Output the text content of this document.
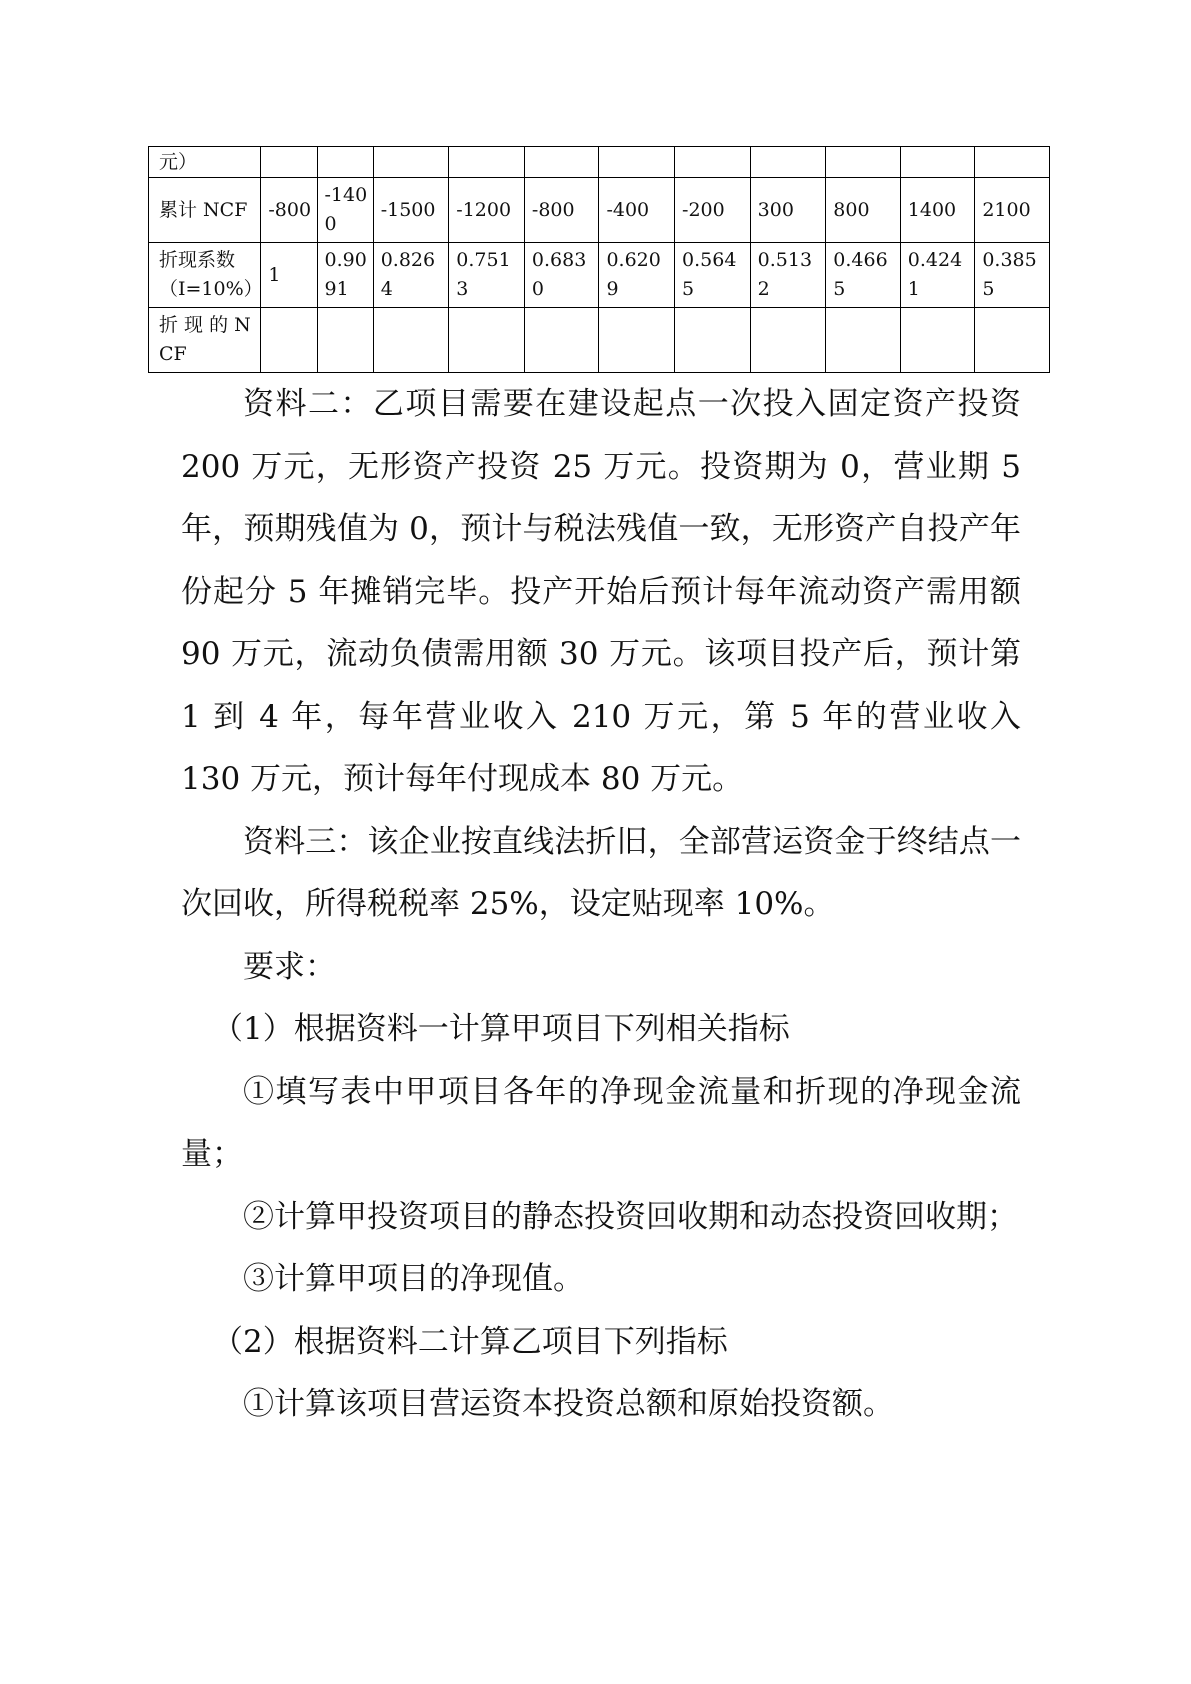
元）											
累计 NCF	-800	-1400	-1500	-1200	-800	-400	-200	300	800	1400	2100
折现系数（I=10%）	1	0.9091	0.8264	0.7513	0.6830	0.6209	0.5645	0.5132	0.4665	0.4241	0.3855
折 现 的 NCF											

资料二：乙项目需要在建设起点一次投入固定资产投资 200 万元，无形资产投资 25 万元。投资期为 0，营业期 5 年，预期残值为 0，预计与税法残值一致，无形资产自投产年份起分 5 年摊销完毕。投产开始后预计每年流动资产需用额 90 万元，流动负债需用额 30 万元。该项目投产后，预计第 1 到 4 年，每年营业收入 210 万元，第 5 年的营业收入 130 万元，预计每年付现成本 80 万元。

资料三：该企业按直线法折旧，全部营运资金于终结点一次回收，所得税税率 25%，设定贴现率 10%。

要求：

（1）根据资料一计算甲项目下列相关指标

①填写表中甲项目各年的净现金流量和折现的净现金流量；

②计算甲投资项目的静态投资回收期和动态投资回收期；

③计算甲项目的净现值。

（2）根据资料二计算乙项目下列指标

①计算该项目营运资本投资总额和原始投资额。
